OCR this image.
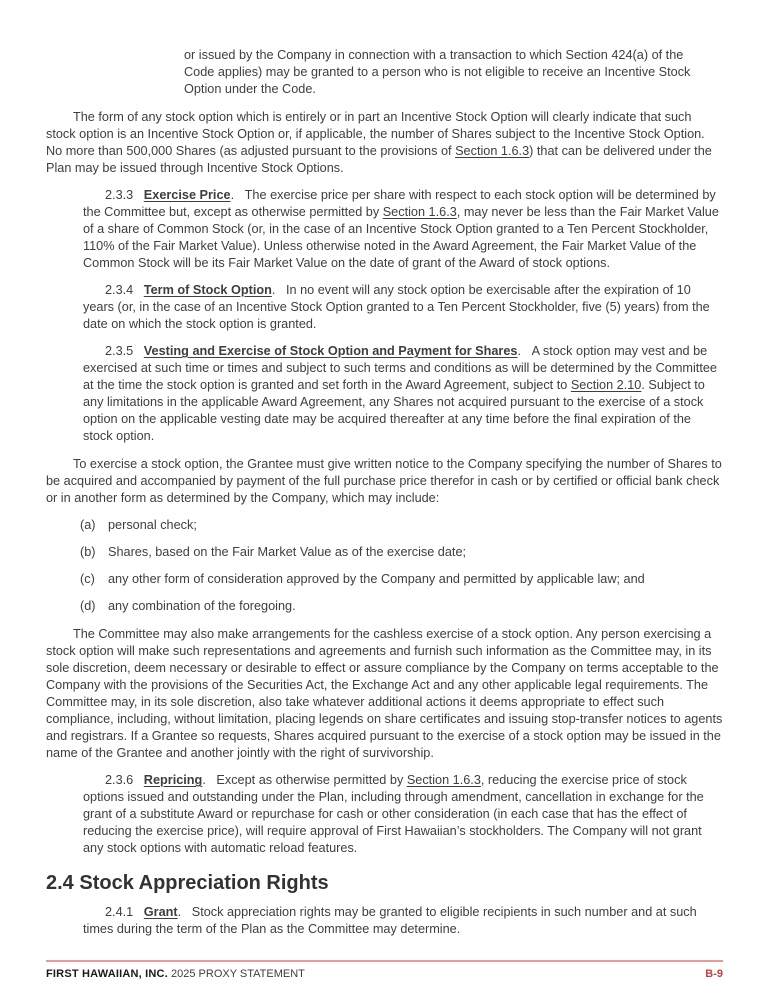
or issued by the Company in connection with a transaction to which Section 424(a) of the Code applies) may be granted to a person who is not eligible to receive an Incentive Stock Option under the Code.

The form of any stock option which is entirely or in part an Incentive Stock Option will clearly indicate that such stock option is an Incentive Stock Option or, if applicable, the number of Shares subject to the Incentive Stock Option. No more than 500,000 Shares (as adjusted pursuant to the provisions of Section 1.6.3) that can be delivered under the Plan may be issued through Incentive Stock Options.

2.3.3   Exercise Price.   The exercise price per share with respect to each stock option will be determined by the Committee but, except as otherwise permitted by Section 1.6.3, may never be less than the Fair Market Value of a share of Common Stock (or, in the case of an Incentive Stock Option granted to a Ten Percent Stockholder, 110% of the Fair Market Value). Unless otherwise noted in the Award Agreement, the Fair Market Value of the Common Stock will be its Fair Market Value on the date of grant of the Award of stock options.

2.3.4   Term of Stock Option.   In no event will any stock option be exercisable after the expiration of 10 years (or, in the case of an Incentive Stock Option granted to a Ten Percent Stockholder, five (5) years) from the date on which the stock option is granted.

2.3.5   Vesting and Exercise of Stock Option and Payment for Shares.   A stock option may vest and be exercised at such time or times and subject to such terms and conditions as will be determined by the Committee at the time the stock option is granted and set forth in the Award Agreement, subject to Section 2.10. Subject to any limitations in the applicable Award Agreement, any Shares not acquired pursuant to the exercise of a stock option on the applicable vesting date may be acquired thereafter at any time before the final expiration of the stock option.

To exercise a stock option, the Grantee must give written notice to the Company specifying the number of Shares to be acquired and accompanied by payment of the full purchase price therefor in cash or by certified or official bank check or in another form as determined by the Company, which may include:

(a) personal check;

(b) Shares, based on the Fair Market Value as of the exercise date;

(c) any other form of consideration approved by the Company and permitted by applicable law; and

(d) any combination of the foregoing.

The Committee may also make arrangements for the cashless exercise of a stock option. Any person exercising a stock option will make such representations and agreements and furnish such information as the Committee may, in its sole discretion, deem necessary or desirable to effect or assure compliance by the Company on terms acceptable to the Company with the provisions of the Securities Act, the Exchange Act and any other applicable legal requirements. The Committee may, in its sole discretion, also take whatever additional actions it deems appropriate to effect such compliance, including, without limitation, placing legends on share certificates and issuing stop-transfer notices to agents and registrars. If a Grantee so requests, Shares acquired pursuant to the exercise of a stock option may be issued in the name of the Grantee and another jointly with the right of survivorship.

2.3.6   Repricing.   Except as otherwise permitted by Section 1.6.3, reducing the exercise price of stock options issued and outstanding under the Plan, including through amendment, cancellation in exchange for the grant of a substitute Award or repurchase for cash or other consideration (in each case that has the effect of reducing the exercise price), will require approval of First Hawaiian’s stockholders. The Company will not grant any stock options with automatic reload features.

2.4 Stock Appreciation Rights

2.4.1   Grant.   Stock appreciation rights may be granted to eligible recipients in such number and at such times during the term of the Plan as the Committee may determine.

FIRST HAWAIIAN, INC. 2025 PROXY STATEMENT	B-9
